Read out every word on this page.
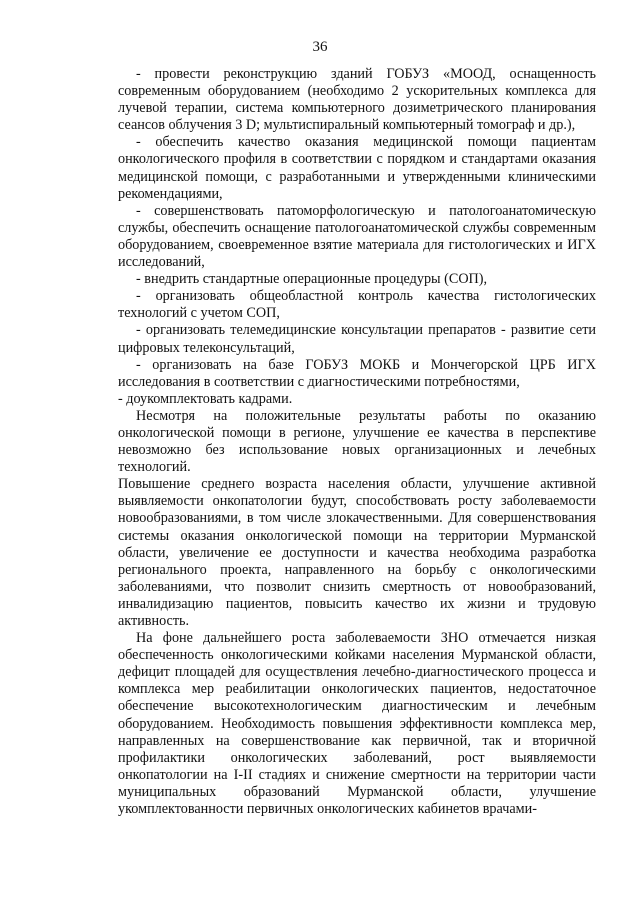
36

- провести реконструкцию зданий ГОБУЗ «МООД, оснащенность современным оборудованием (необходимо 2 ускорительных комплекса для лучевой терапии, система компьютерного дозиметрического планирования сеансов облучения 3 D; мультиспиральный компьютерный томограф и др.),

- обеспечить качество оказания медицинской помощи пациентам онкологического профиля в соответствии с порядком и стандартами оказания медицинской помощи, с разработанными и утвержденными клиническими рекомендациями,

- совершенствовать патоморфологическую и патологоанатомическую службы, обеспечить оснащение патологоанатомической службы современным оборудованием, своевременное взятие материала для гистологических и ИГХ исследований,

- внедрить стандартные операционные процедуры (СОП),

- организовать общеобластной контроль качества гистологических технологий с учетом СОП,

- организовать телемедицинские консультации препаратов - развитие сети цифровых телеконсультаций,

- организовать на базе ГОБУЗ МОКБ и Мончегорской ЦРБ ИГХ исследования в соответствии с диагностическими потребностями,

- доукомплектовать кадрами.

Несмотря на положительные результаты работы по оказанию онкологической помощи в регионе, улучшение ее качества в перспективе невозможно без использование новых организационных и лечебных технологий.

Повышение среднего возраста населения области, улучшение активной выявляемости онкопатологии будут, способствовать росту заболеваемости новообразованиями, в том числе злокачественными. Для совершенствования системы оказания онкологической помощи на территории Мурманской области, увеличение ее доступности и качества необходима разработка регионального проекта, направленного на борьбу с онкологическими заболеваниями, что позволит снизить смертность от новообразований, инвалидизацию пациентов, повысить качество их жизни и трудовую активность.

На фоне дальнейшего роста заболеваемости ЗНО отмечается низкая обеспеченность онкологическими койками населения Мурманской области, дефицит площадей для осуществления лечебно-диагностического процесса и комплекса мер реабилитации онкологических пациентов, недостаточное обеспечение высокотехнологическим диагностическим и лечебным оборудованием. Необходимость повышения эффективности комплекса мер, направленных на совершенствование как первичной, так и вторичной профилактики онкологических заболеваний, рост выявляемости онкопатологии на I-II стадиях и снижение смертности на территории части муниципальных образований Мурманской области, улучшение укомплектованности первичных онкологических кабинетов врачами-
